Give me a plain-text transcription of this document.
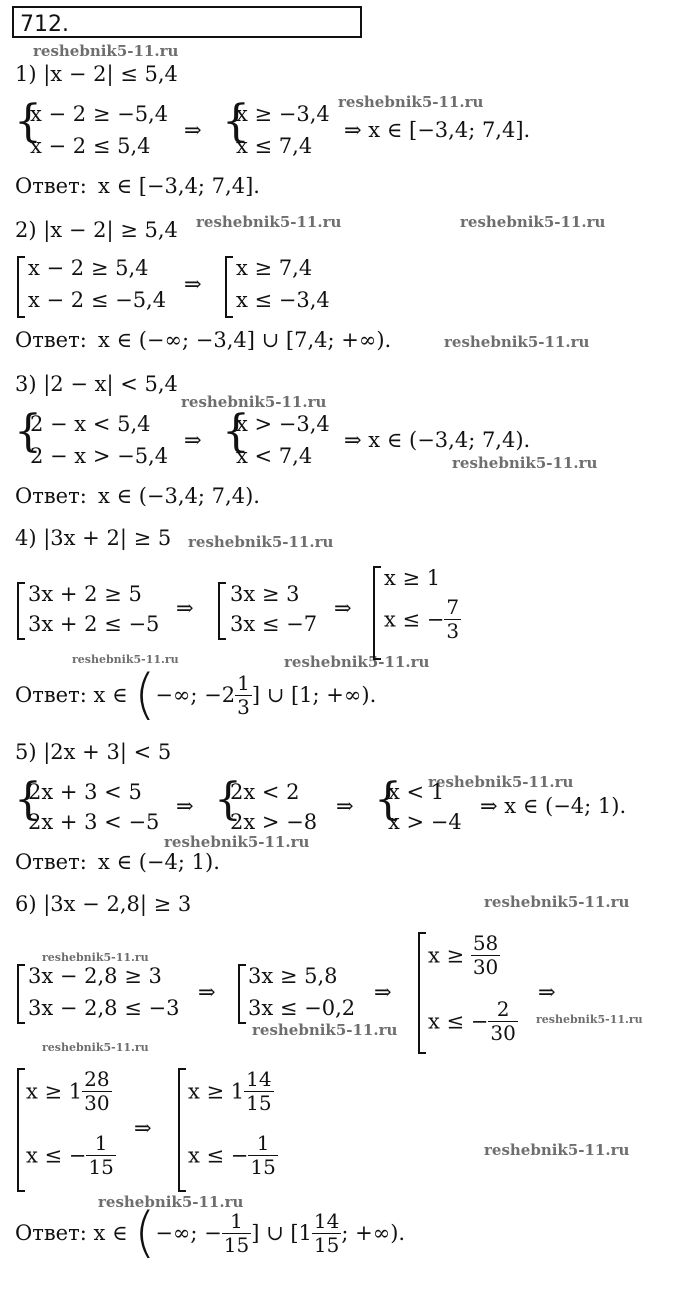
712.
reshebnik5-11.ru
reshebnik5-11.ru
reshebnik5-11.ru	reshebnik5-11.ru
reshebnik5-11.ru
reshebnik5-11.ru
reshebnik5-11.ru
reshebnik5-11.ru
reshebnik5-11.ru	reshebnik5-11.ru
reshebnik5-11.ru
reshebnik5-11.ru
reshebnik5-11.ru
reshebnik5-11.ru
reshebnik5-11.ru
reshebnik5-11.ru
reshebnik5-11.ru
reshebnik5-11.ru
reshebnik5-11.ru
1) |x − 2| ≤ 5,4
{
x − 2 ≥ −5,4
x − 2 ≤ 5,4
⇒ {
x ≥ −3,4
x ≤ 7,4
⇒ x ∈ [−3,4; 7,4].
Ответ: x ∈ [−3,4; 7,4].
2) |x − 2| ≥ 5,4
x − 2 ≥ 5,4
x − 2 ≤ −5,4
⇒
x ≥ 7,4
x ≤ −3,4
Ответ: x ∈ (−∞; −3,4] ∪ [7,4; +∞).
3) |2 − x| < 5,4
{
2 − x < 5,4
2 − x > −5,4
⇒ {
x > −3,4
x < 7,4
⇒ x ∈ (−3,4; 7,4).
Ответ: x ∈ (−3,4; 7,4).
4) |3x + 2| ≥ 5
3x + 2 ≥ 5
3x + 2 ≤ −5
⇒
3x ≥ 3
3x ≤ −7
⇒
x ≥ 1
x ≤ − $\frac{7}{3}$
Ответ: x ∈ (−∞; $-2 \frac{1}{3}$ ] ∪ [1; +∞).
5) |2x + 3| < 5
{
2x + 3 < 5
2x + 3 < −5
⇒ {
2x < 2
2x > −8
⇒ {
x < 1
x > −4
⇒ x ∈ (−4; 1).
Ответ: x ∈ (−4; 1).
6) |3x − 2,8| ≥ 3
3x − 2,8 ≥ 3
3x − 2,8 ≤ −3
⇒
3x ≥ 5,8
3x ≤ −0,2
⇒
$x \ge \frac{58}{30}$
x ≤ − $\frac{2}{30}$
⇒
$x \ge 1 \frac{28}{30}$
x ≤ − $\frac{1}{15}$
⇒
$x \ge 1 \frac{14}{15}$
x ≤ − $\frac{1}{15}$
Ответ: x ∈ (−∞; − $\frac{1}{15}$ ] ∪ [$1 \frac{14}{15}$ ; +∞).
